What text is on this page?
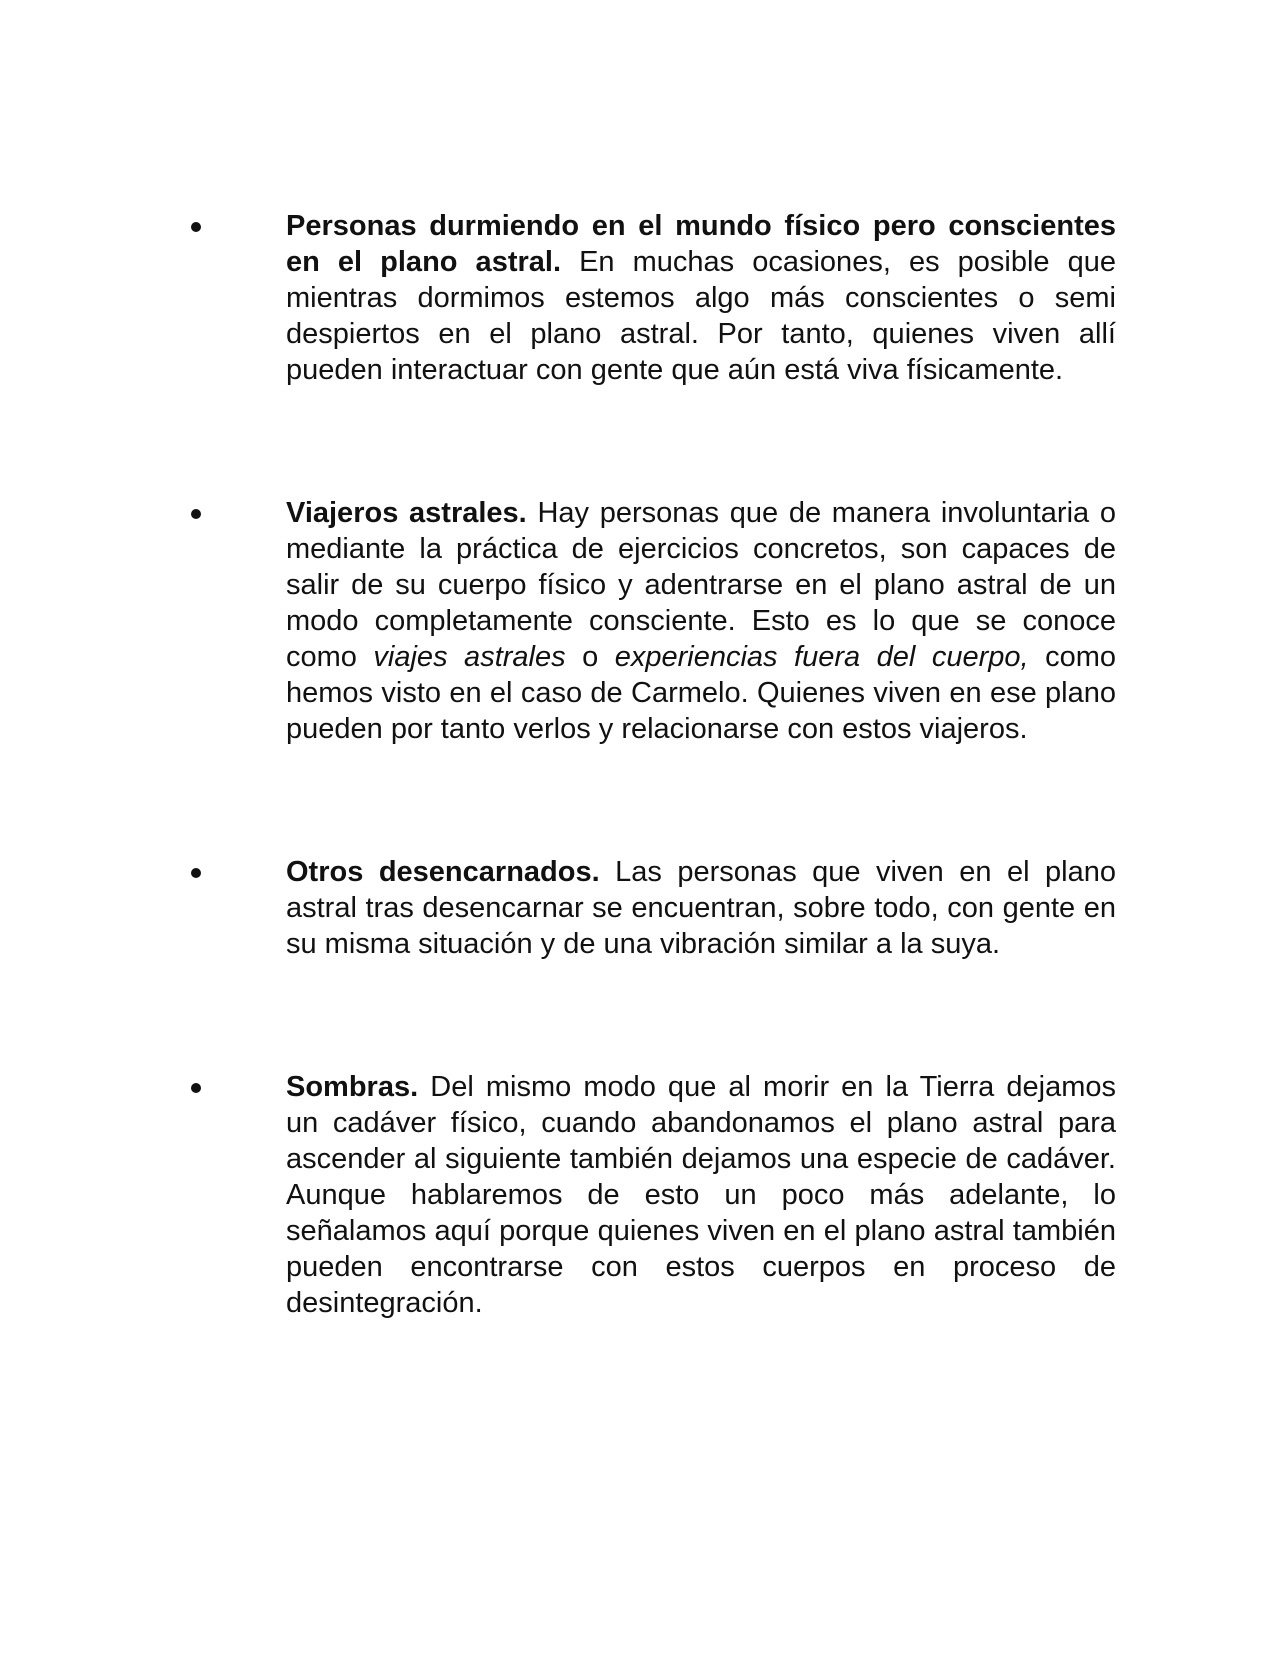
Personas durmiendo en el mundo físico pero conscientes en el plano astral. En muchas ocasiones, es posible que mientras dormimos estemos algo más conscientes o semi despiertos en el plano astral. Por tanto, quienes viven allí pueden interactuar con gente que aún está viva físicamente.

Viajeros astrales. Hay personas que de manera involuntaria o mediante la práctica de ejercicios concretos, son capaces de salir de su cuerpo físico y adentrarse en el plano astral de un modo completamente consciente. Esto es lo que se conoce como viajes astrales o experiencias fuera del cuerpo, como hemos visto en el caso de Carmelo. Quienes viven en ese plano pueden por tanto verlos y relacionarse con estos viajeros.

Otros desencarnados. Las personas que viven en el plano astral tras desencarnar se encuentran, sobre todo, con gente en su misma situación y de una vibración similar a la suya.

Sombras. Del mismo modo que al morir en la Tierra dejamos un cadáver físico, cuando abandonamos el plano astral para ascender al siguiente también dejamos una especie de cadáver. Aunque hablaremos de esto un poco más adelante, lo señalamos aquí porque quienes viven en el plano astral también pueden encontrarse con estos cuerpos en proceso de desintegración.
